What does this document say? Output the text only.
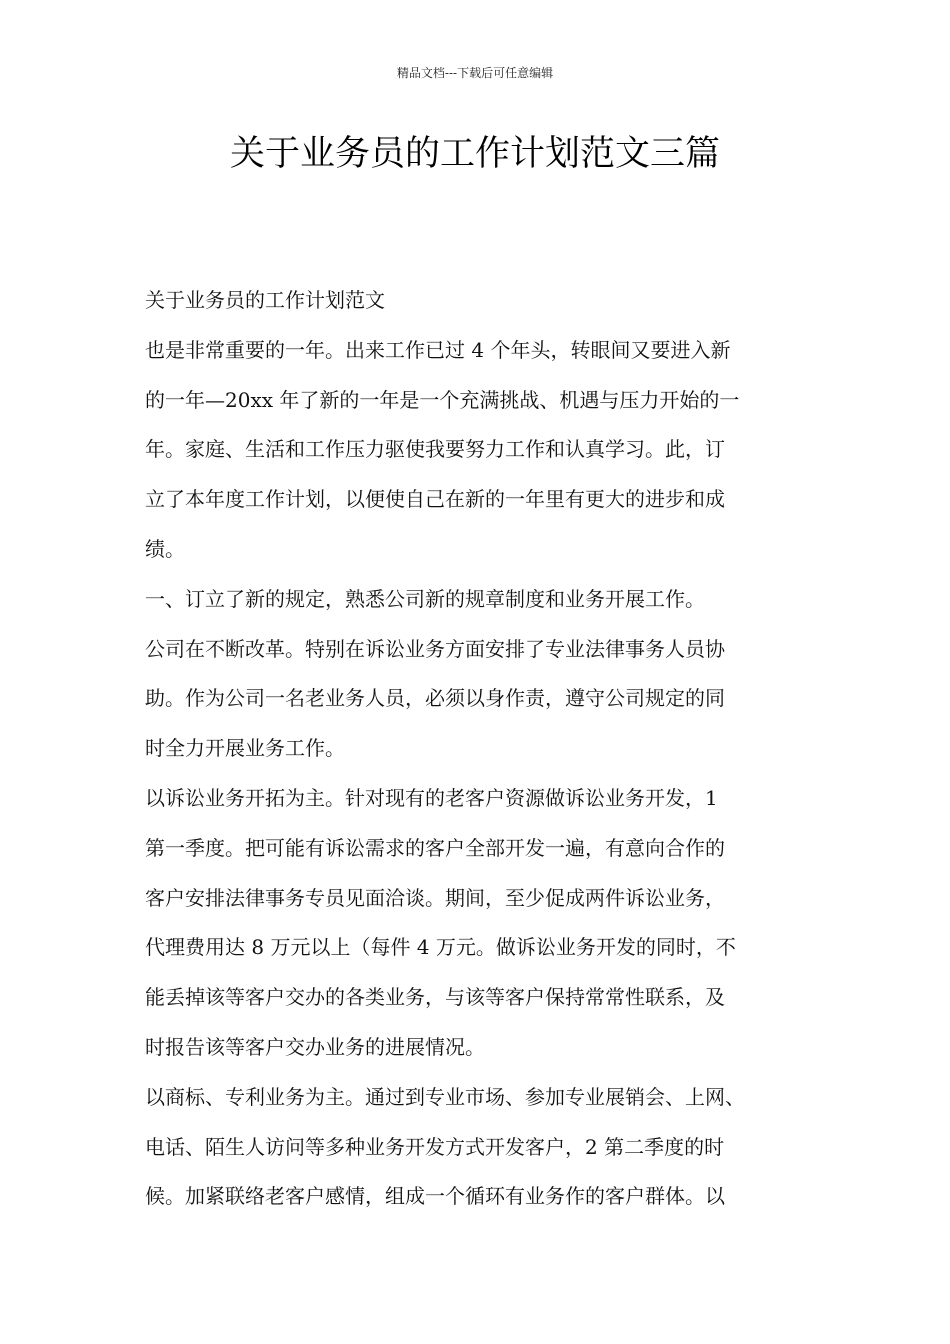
精品文档---下载后可任意编辑
关于业务员的工作计划范文三篇
关于业务员的工作计划范文
也是非常重要的一年。出来工作已过 4 个年头，转眼间又要进入新
的一年—20xx 年了新的一年是一个充满挑战、机遇与压力开始的一
年。家庭、生活和工作压力驱使我要努力工作和认真学习。此，订
立了本年度工作计划，以便使自己在新的一年里有更大的进步和成
绩。
一、订立了新的规定，熟悉公司新的规章制度和业务开展工作。
公司在不断改革。特别在诉讼业务方面安排了专业法律事务人员协
助。作为公司一名老业务人员，必须以身作责，遵守公司规定的同
时全力开展业务工作。
以诉讼业务开拓为主。针对现有的老客户资源做诉讼业务开发，1
第一季度。把可能有诉讼需求的客户全部开发一遍，有意向合作的
客户安排法律事务专员见面洽谈。期间，至少促成两件诉讼业务，
代理费用达 8 万元以上（每件 4 万元。做诉讼业务开发的同时，不
能丢掉该等客户交办的各类业务，与该等客户保持常常性联系，及
时报告该等客户交办业务的进展情况。
以商标、专利业务为主。通过到专业市场、参加专业展销会、上网、
电话、陌生人访问等多种业务开发方式开发客户，2 第二季度的时
候。加紧联络老客户感情，组成一个循环有业务作的客户群体。以
